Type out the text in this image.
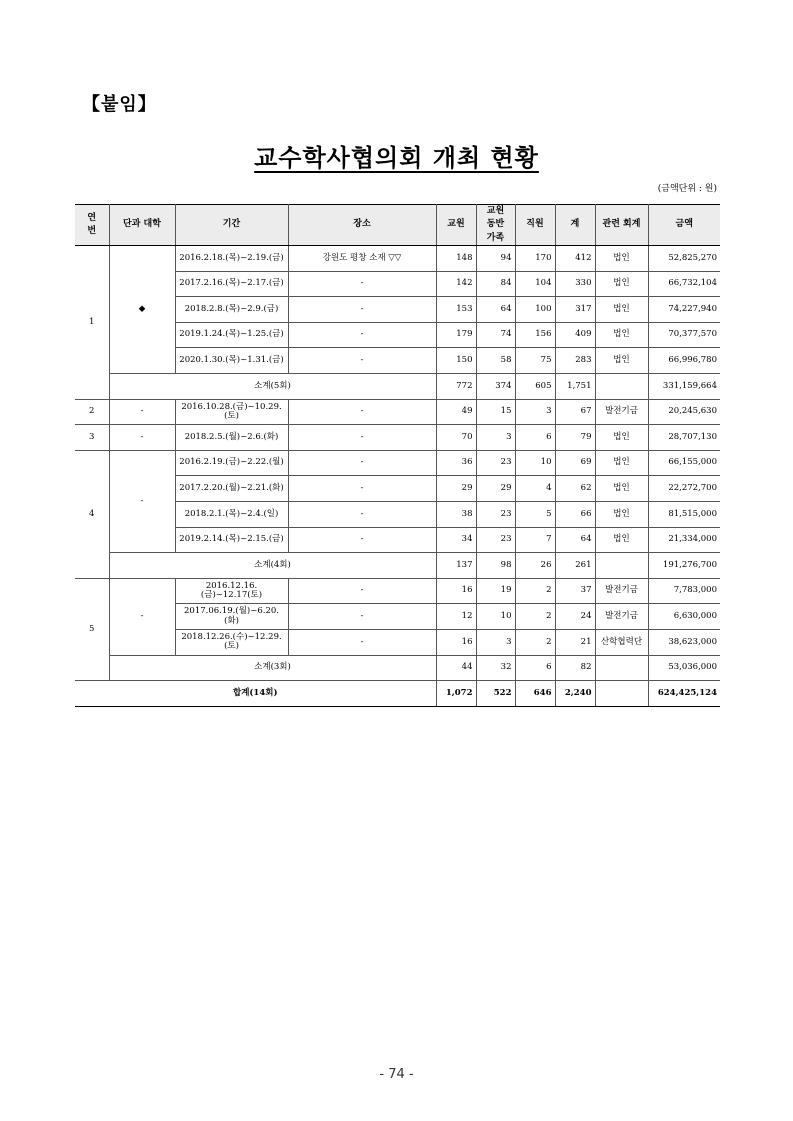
【붙임】
교수학사협의회 개최 현황
(금액단위 : 원)
연번	단과 대학	기간	장소	교원	교원 동반 가족	직원	계	관련 회계	금액
1	◆	2016.2.18.(목)~2.19.(금)	강원도 평창 소재 ▽▽	148	94	170	412	법인	52,825,270
		2017.2.16.(목)~2.17.(금)	-	142	84	104	330	법인	66,732,104
		2018.2.8.(목)~2.9.(금)	-	153	64	100	317	법인	74,227,940
		2019.1.24.(목)~1.25.(금)	-	179	74	156	409	법인	70,377,570
		2020.1.30.(목)~1.31.(금)	-	150	58	75	283	법인	66,996,780
	소계(5회)			772	374	605	1,751		331,159,664
2	-	2016.10.28.(금)~10.29.(토)	-	49	15	3	67	발전기금	20,245,630
3	-	2018.2.5.(월)~2.6.(화)	-	70	3	6	79	법인	28,707,130
4	-	2016.2.19.(금)~2.22.(월)	-	36	23	10	69	법인	66,155,000
		2017.2.20.(월)~2.21.(화)	-	29	29	4	62	법인	22,272,700
		2018.2.1.(목)~2.4.(일)	-	38	23	5	66	법인	81,515,000
		2019.2.14.(목)~2.15.(금)	-	34	23	7	64	법인	21,334,000
	소계(4회)			137	98	26	261		191,276,700
5	-	2016.12.16.(금)~12.17(토)	-	16	19	2	37	발전기금	7,783,000
		2017.06.19.(월)~6.20.(화)	-	12	10	2	24	발전기금	6,630,000
		2018.12.26.(수)~12.29.(토)	-	16	3	2	21	산학협력단	38,623,000
	소계(3회)			44	32	6	82		53,036,000
합계(14회)				1,072	522	646	2,240		624,425,124
- 74 -
